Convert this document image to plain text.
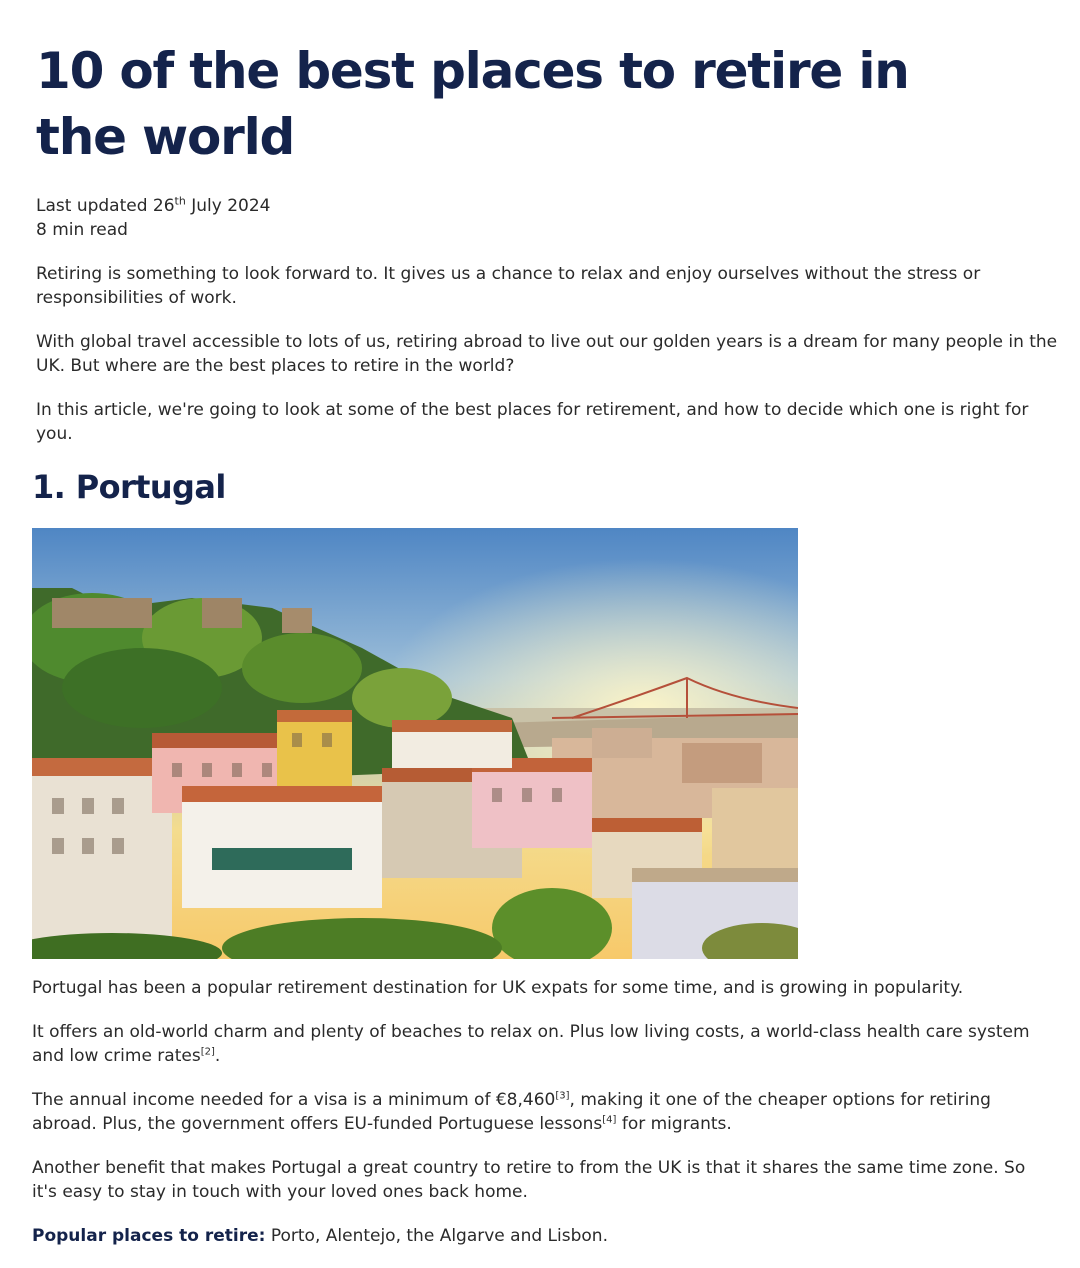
10 of the best places to retire in the world
Last updated 26th July 2024
8 min read

Retiring is something to look forward to. It gives us a chance to relax and enjoy ourselves without the stress or responsibilities of work.

With global travel accessible to lots of us, retiring abroad to live out our golden years is a dream for many people in the UK. But where are the best places to retire in the world?

In this article, we're going to look at some of the best places for retirement, and how to decide which one is right for you.

1. Portugal

Portugal has been a popular retirement destination for UK expats for some time, and is growing in popularity.

It offers an old-world charm and plenty of beaches to relax on. Plus low living costs, a world-class health care system and low crime rates[2].

The annual income needed for a visa is a minimum of €8,460[3], making it one of the cheaper options for retiring abroad. Plus, the government offers EU-funded Portuguese lessons[4] for migrants.

Another benefit that makes Portugal a great country to retire to from the UK is that it shares the same time zone. So it's easy to stay in touch with your loved ones back home.

Popular places to retire: Porto, Alentejo, the Algarve and Lisbon.
